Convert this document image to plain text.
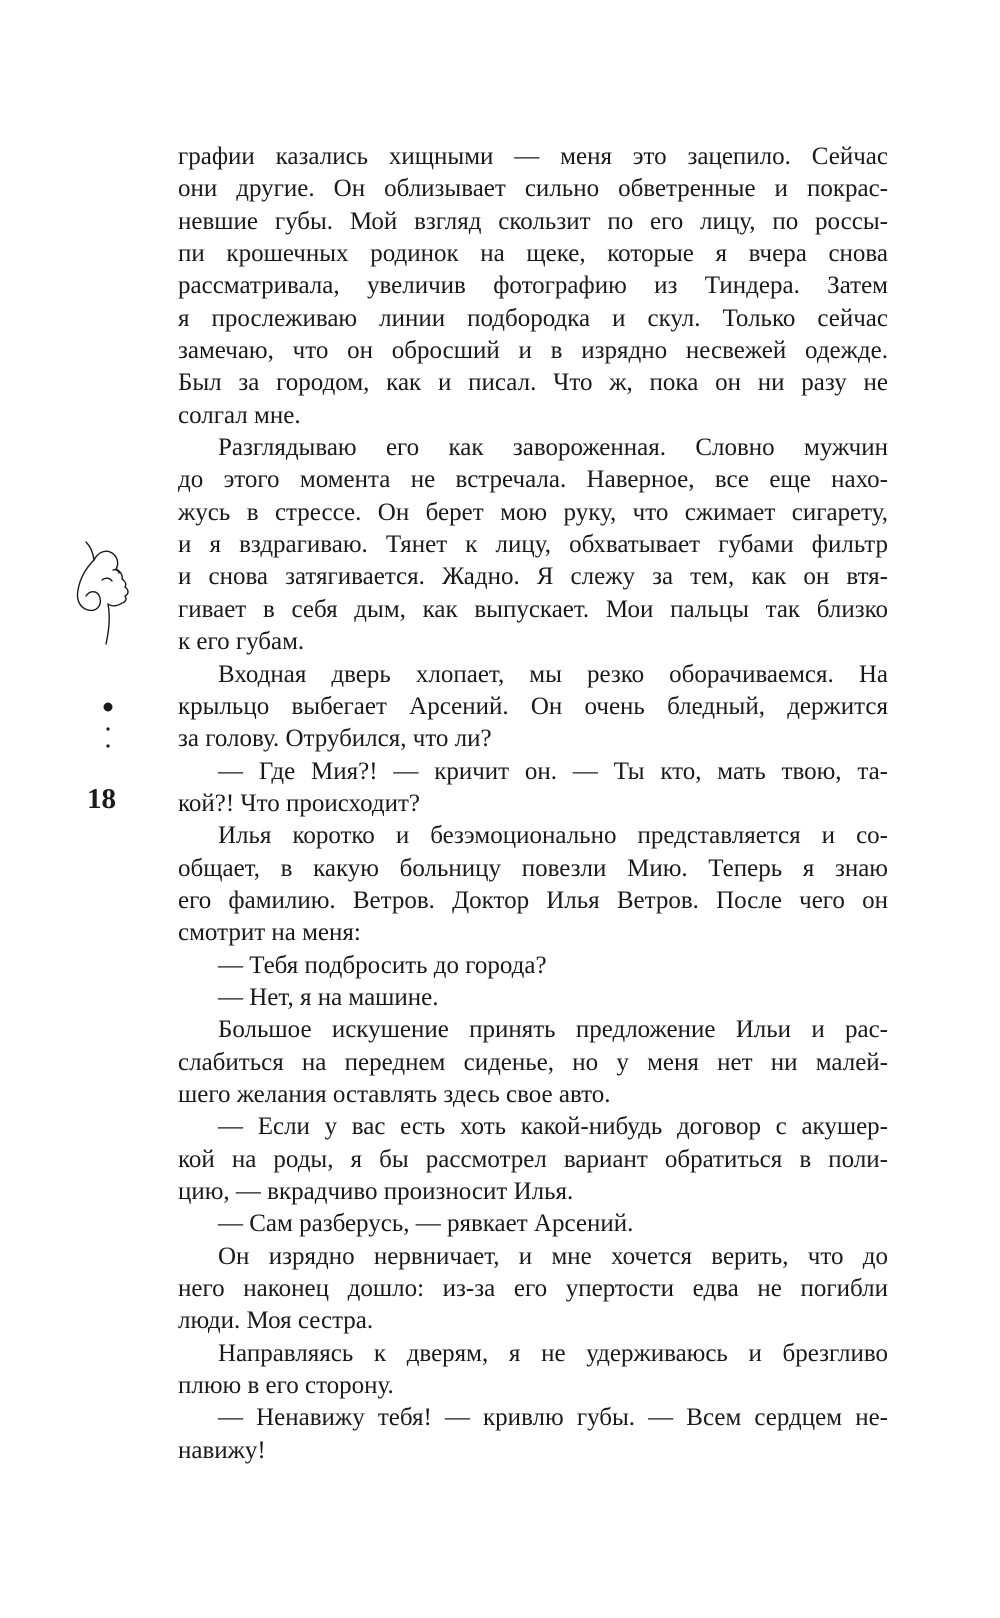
18
графии казались хищными — меня это зацепило. Сейчас
они другие. Он облизывает сильно обветренные и покрас-
невшие губы. Мой взгляд скользит по его лицу, по россы-
пи крошечных родинок на щеке, которые я вчера снова
рассматривала, увеличив фотографию из Тиндера. Затем
я прослеживаю линии подбородка и скул. Только сейчас
замечаю, что он обросший и в изрядно несвежей одежде.
Был за городом, как и писал. Что ж, пока он ни разу не
солгал мне.
Разглядываю его как завороженная. Словно мужчин
до этого момента не встречала. Наверное, все еще нахо-
жусь в стрессе. Он берет мою руку, что сжимает сигарету,
и я вздрагиваю. Тянет к лицу, обхватывает губами фильтр
и снова затягивается. Жадно. Я слежу за тем, как он втя-
гивает в себя дым, как выпускает. Мои пальцы так близко
к его губам.
Входная дверь хлопает, мы резко оборачиваемся. На
крыльцо выбегает Арсений. Он очень бледный, держится
за голову. Отрубился, что ли?
— Где Мия?! — кричит он. — Ты кто, мать твою, та-
кой?! Что происходит?
Илья коротко и безэмоционально представляется и со-
общает, в какую больницу повезли Мию. Теперь я знаю
его фамилию. Ветров. Доктор Илья Ветров. После чего он
смотрит на меня:
— Тебя подбросить до города?
— Нет, я на машине.
Большое искушение принять предложение Ильи и рас-
слабиться на переднем сиденье, но у меня нет ни малей-
шего желания оставлять здесь свое авто.
— Если у вас есть хоть какой-нибудь договор с акушер-
кой на роды, я бы рассмотрел вариант обратиться в поли-
цию, — вкрадчиво произносит Илья.
— Сам разберусь, — рявкает Арсений.
Он изрядно нервничает, и мне хочется верить, что до
него наконец дошло: из-за его упертости едва не погибли
люди. Моя сестра.
Направляясь к дверям, я не удерживаюсь и брезгливо
плюю в его сторону.
— Ненавижу тебя! — кривлю губы. — Всем сердцем не-
навижу!
